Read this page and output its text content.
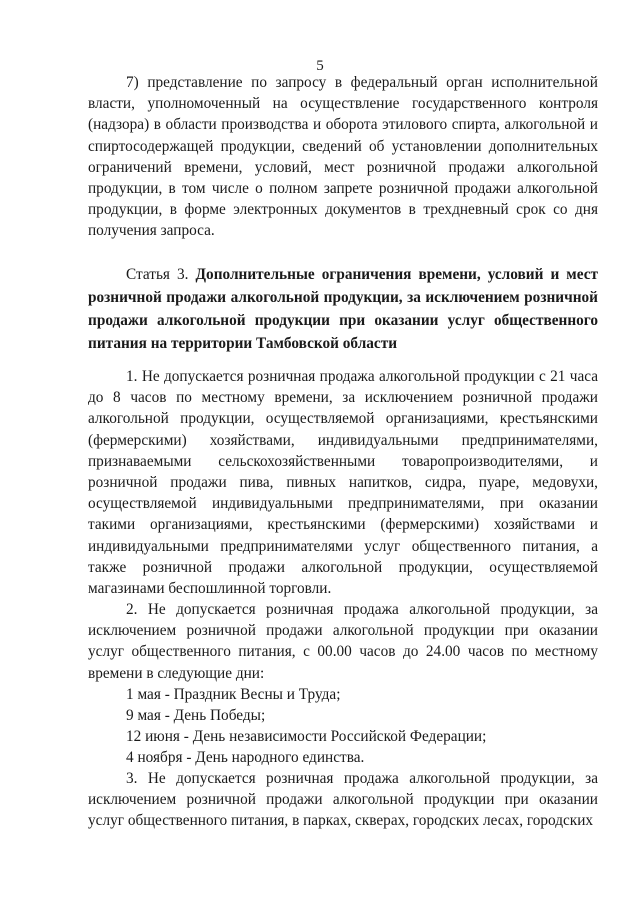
5

7) представление по запросу в федеральный орган исполнительной власти, уполномоченный на осуществление государственного контроля (надзора) в области производства и оборота этилового спирта, алкогольной и спиртосодержащей продукции, сведений об установлении дополнительных ограничений времени, условий, мест розничной продажи алкогольной продукции, в том числе о полном запрете розничной продажи алкогольной продукции, в форме электронных документов в трехдневный срок со дня получения запроса.

Статья 3. Дополнительные ограничения времени, условий и мест розничной продажи алкогольной продукции, за исключением розничной продажи алкогольной продукции при оказании услуг общественного питания на территории Тамбовской области

1. Не допускается розничная продажа алкогольной продукции с 21 часа до 8 часов по местному времени, за исключением розничной продажи алкогольной продукции, осуществляемой организациями, крестьянскими (фермерскими) хозяйствами, индивидуальными предпринимателями, признаваемыми сельскохозяйственными товаропроизводителями, и розничной продажи пива, пивных напитков, сидра, пуаре, медовухи, осуществляемой индивидуальными предпринимателями, при оказании такими организациями, крестьянскими (фермерскими) хозяйствами и индивидуальными предпринимателями услуг общественного питания, а также розничной продажи алкогольной продукции, осуществляемой магазинами беспошлинной торговли.

2. Не допускается розничная продажа алкогольной продукции, за исключением розничной продажи алкогольной продукции при оказании услуг общественного питания, с 00.00 часов до 24.00 часов по местному времени в следующие дни:

1 мая - Праздник Весны и Труда;

9 мая - День Победы;

12 июня - День независимости Российской Федерации;

4 ноября - День народного единства.

3. Не допускается розничная продажа алкогольной продукции, за исключением розничной продажи алкогольной продукции при оказании услуг общественного питания, в парках, скверах, городских лесах, городских
